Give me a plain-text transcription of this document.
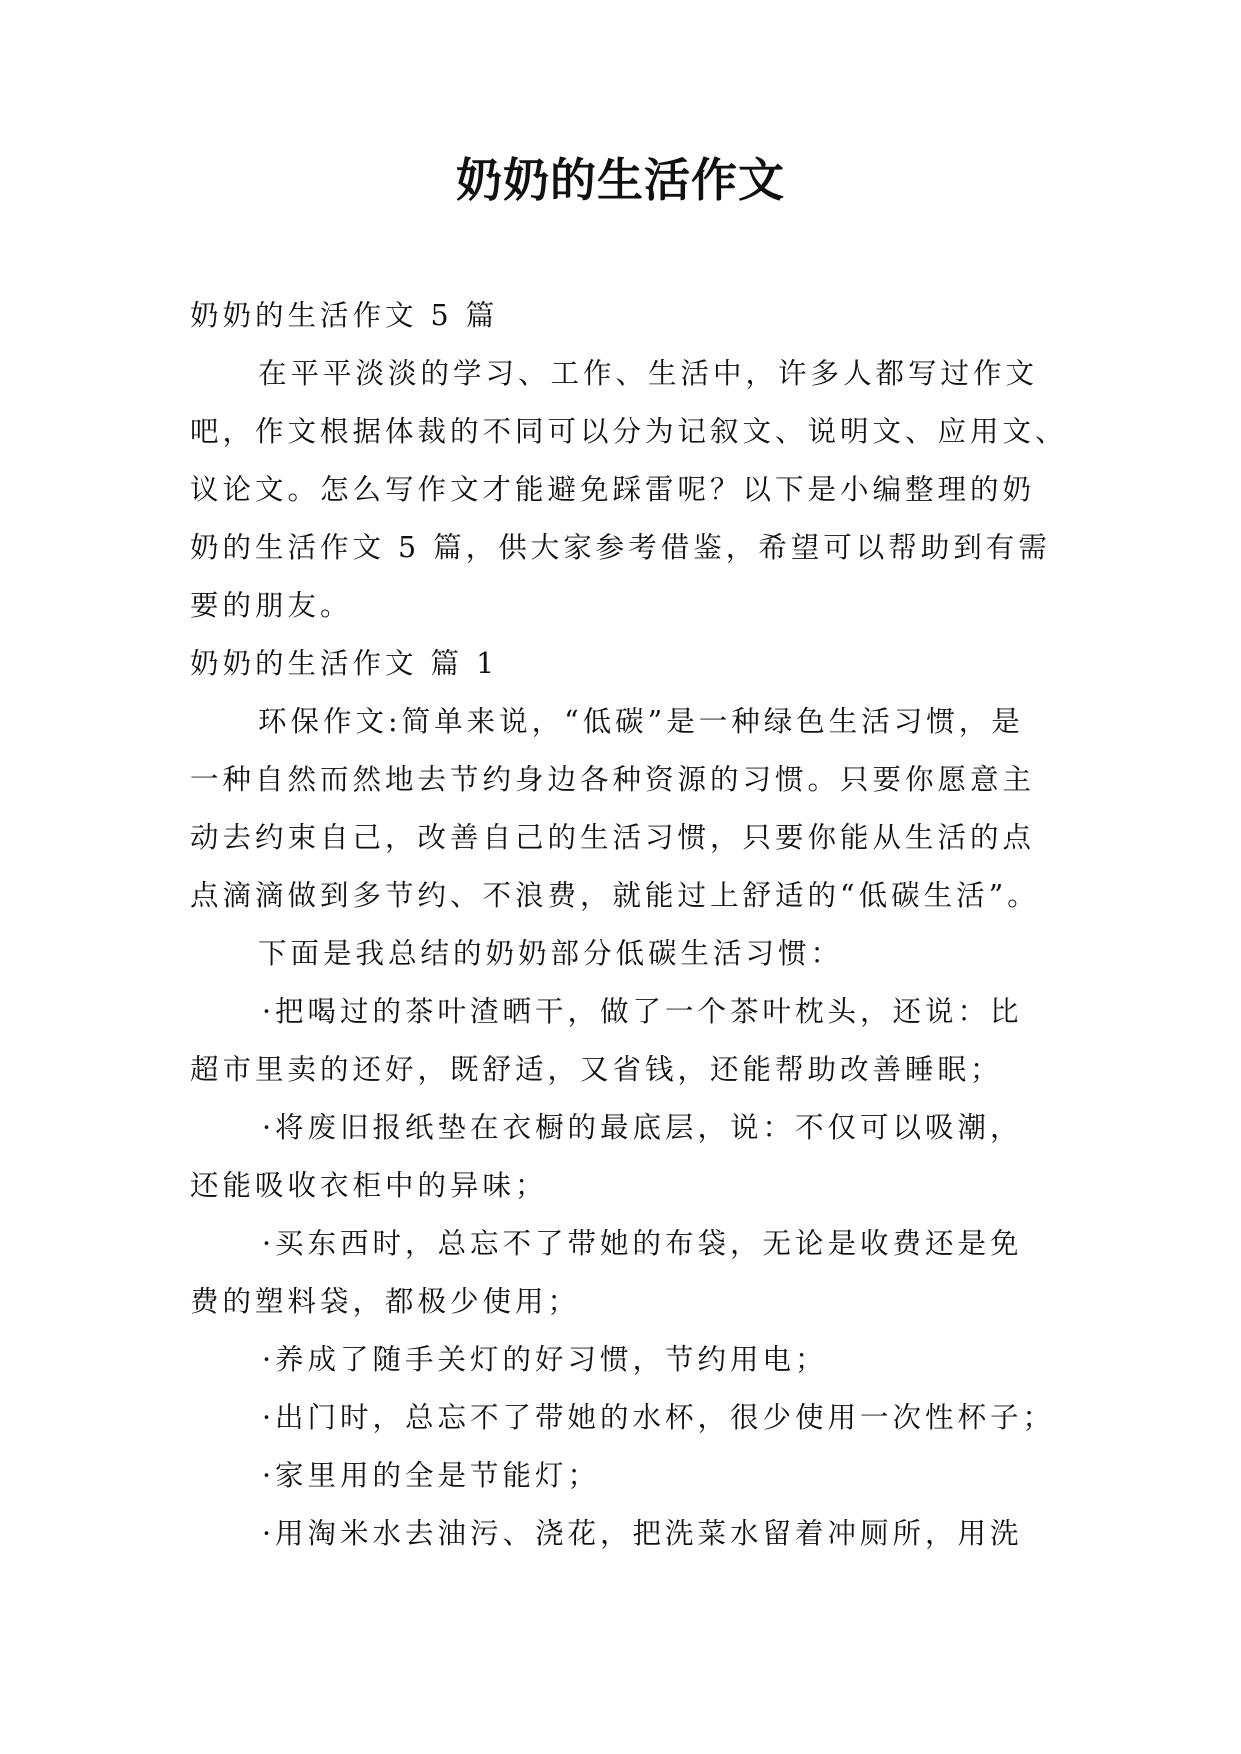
奶奶的生活作文

奶奶的生活作文 5 篇

在平平淡淡的学习、工作、生活中，许多人都写过作文

吧，作文根据体裁的不同可以分为记叙文、说明文、应用文、

议论文。怎么写作文才能避免踩雷呢？以下是小编整理的奶

奶的生活作文 5 篇，供大家参考借鉴，希望可以帮助到有需

要的朋友。

奶奶的生活作文 篇 1

环保作文:简单来说，“低碳”是一种绿色生活习惯，是

一种自然而然地去节约身边各种资源的习惯。只要你愿意主

动去约束自己，改善自己的生活习惯，只要你能从生活的点

点滴滴做到多节约、不浪费，就能过上舒适的“低碳生活”。

下面是我总结的奶奶部分低碳生活习惯：

·把喝过的茶叶渣晒干，做了一个茶叶枕头，还说：比

超市里卖的还好，既舒适，又省钱，还能帮助改善睡眠；

·将废旧报纸垫在衣橱的最底层，说：不仅可以吸潮，

还能吸收衣柜中的异味；

·买东西时，总忘不了带她的布袋，无论是收费还是免

费的塑料袋，都极少使用；

·养成了随手关灯的好习惯，节约用电；

·出门时，总忘不了带她的水杯，很少使用一次性杯子；

·家里用的全是节能灯；

·用淘米水去油污、浇花，把洗菜水留着冲厕所，用洗
